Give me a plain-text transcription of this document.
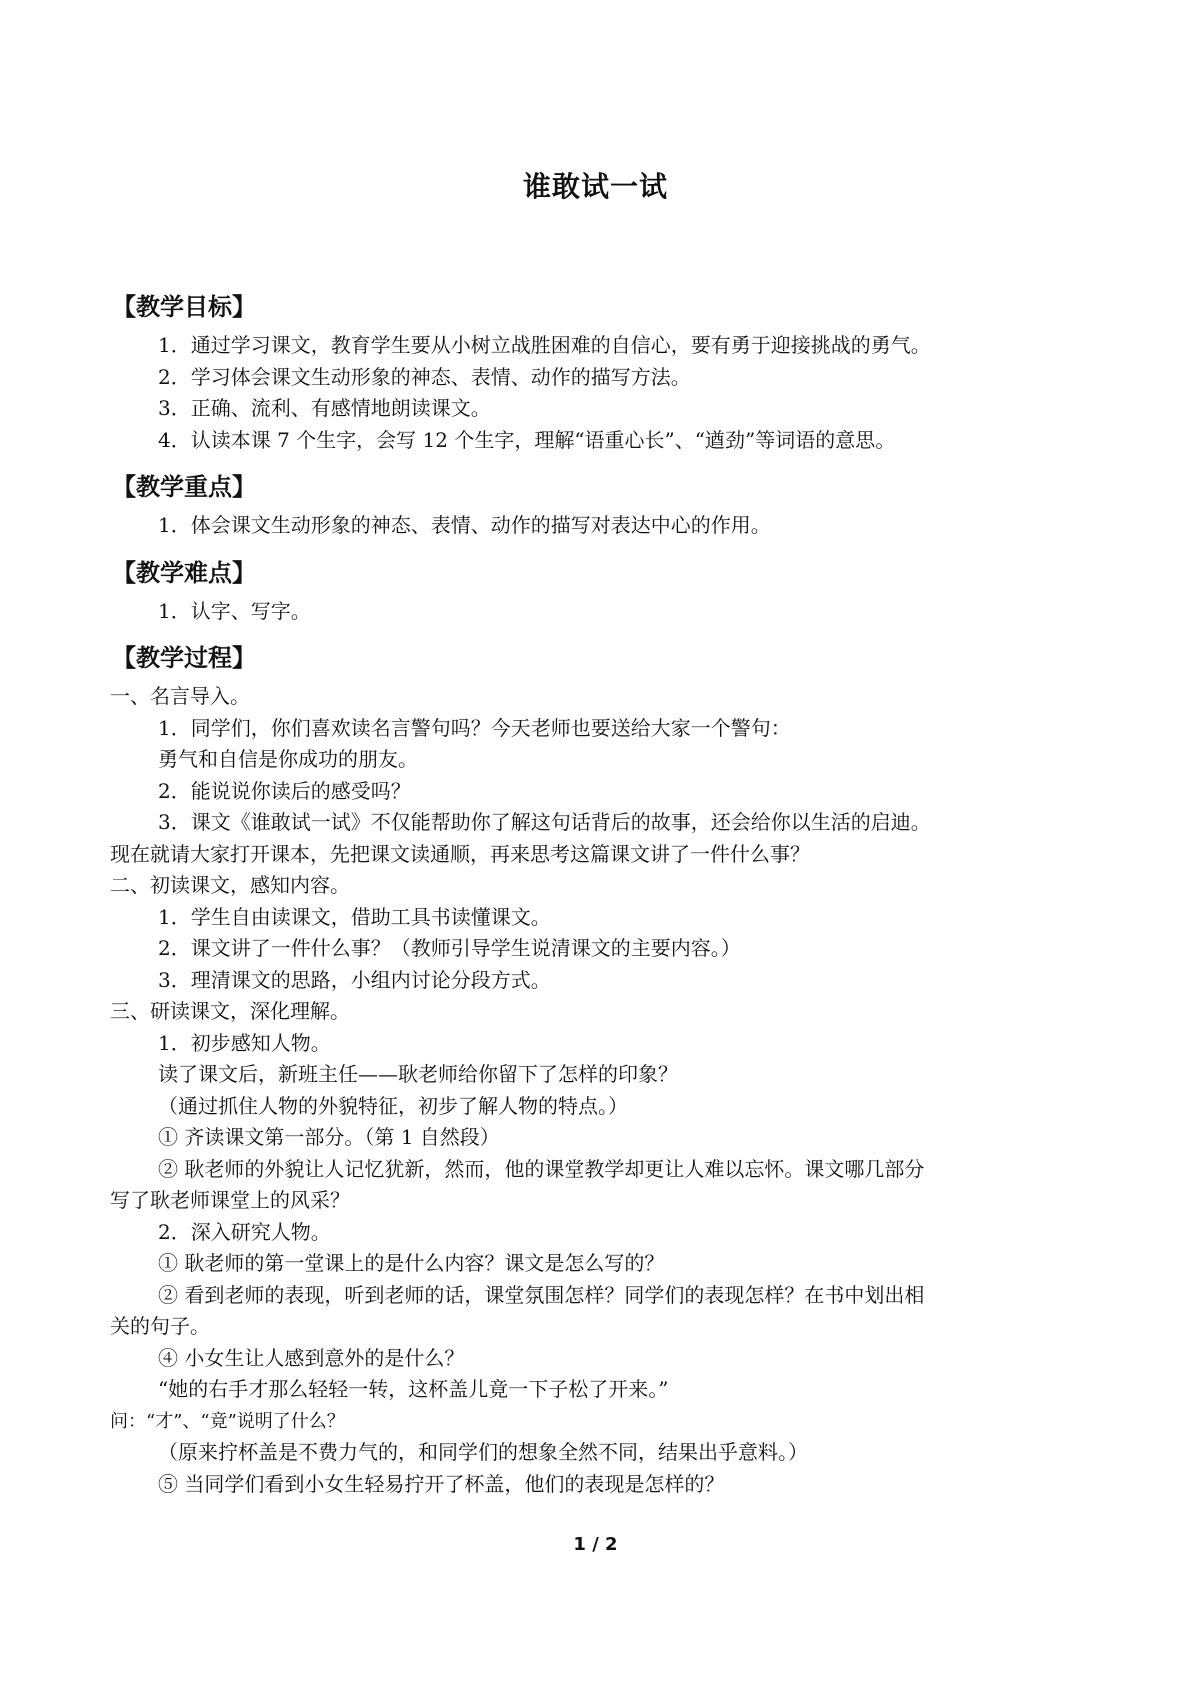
谁敢试一试
【教学目标】
1．通过学习课文，教育学生要从小树立战胜困难的自信心，要有勇于迎接挑战的勇气。
2．学习体会课文生动形象的神态、表情、动作的描写方法。
3．正确、流利、有感情地朗读课文。
4．认读本课 7 个生字，会写 12 个生字，理解“语重心长”、“遒劲”等词语的意思。
【教学重点】
1．体会课文生动形象的神态、表情、动作的描写对表达中心的作用。
【教学难点】
1．认字、写字。
【教学过程】
一、名言导入。
1．同学们，你们喜欢读名言警句吗？今天老师也要送给大家一个警句：
勇气和自信是你成功的朋友。
2．能说说你读后的感受吗？
3．课文《谁敢试一试》不仅能帮助你了解这句话背后的故事，还会给你以生活的启迪。
现在就请大家打开课本，先把课文读通顺，再来思考这篇课文讲了一件什么事？
二、初读课文，感知内容。
1．学生自由读课文，借助工具书读懂课文。
2．课文讲了一件什么事？（教师引导学生说清课文的主要内容。）
3．理清课文的思路，小组内讨论分段方式。
三、研读课文，深化理解。
1．初步感知人物。
读了课文后，新班主任——耿老师给你留下了怎样的印象？
（通过抓住人物的外貌特征，初步了解人物的特点。）
① 齐读课文第一部分。（第 1 自然段）
② 耿老师的外貌让人记忆犹新，然而，他的课堂教学却更让人难以忘怀。课文哪几部分
写了耿老师课堂上的风采？
2．深入研究人物。
① 耿老师的第一堂课上的是什么内容？课文是怎么写的？
② 看到老师的表现，听到老师的话，课堂氛围怎样？同学们的表现怎样？在书中划出相
关的句子。
④ 小女生让人感到意外的是什么？
“她的右手才那么轻轻一转，这杯盖儿竟一下子松了开来。”
问：“才”、“竟”说明了什么？
（原来拧杯盖是不费力气的，和同学们的想象全然不同，结果出乎意料。）
⑤ 当同学们看到小女生轻易拧开了杯盖，他们的表现是怎样的？
1 / 2
